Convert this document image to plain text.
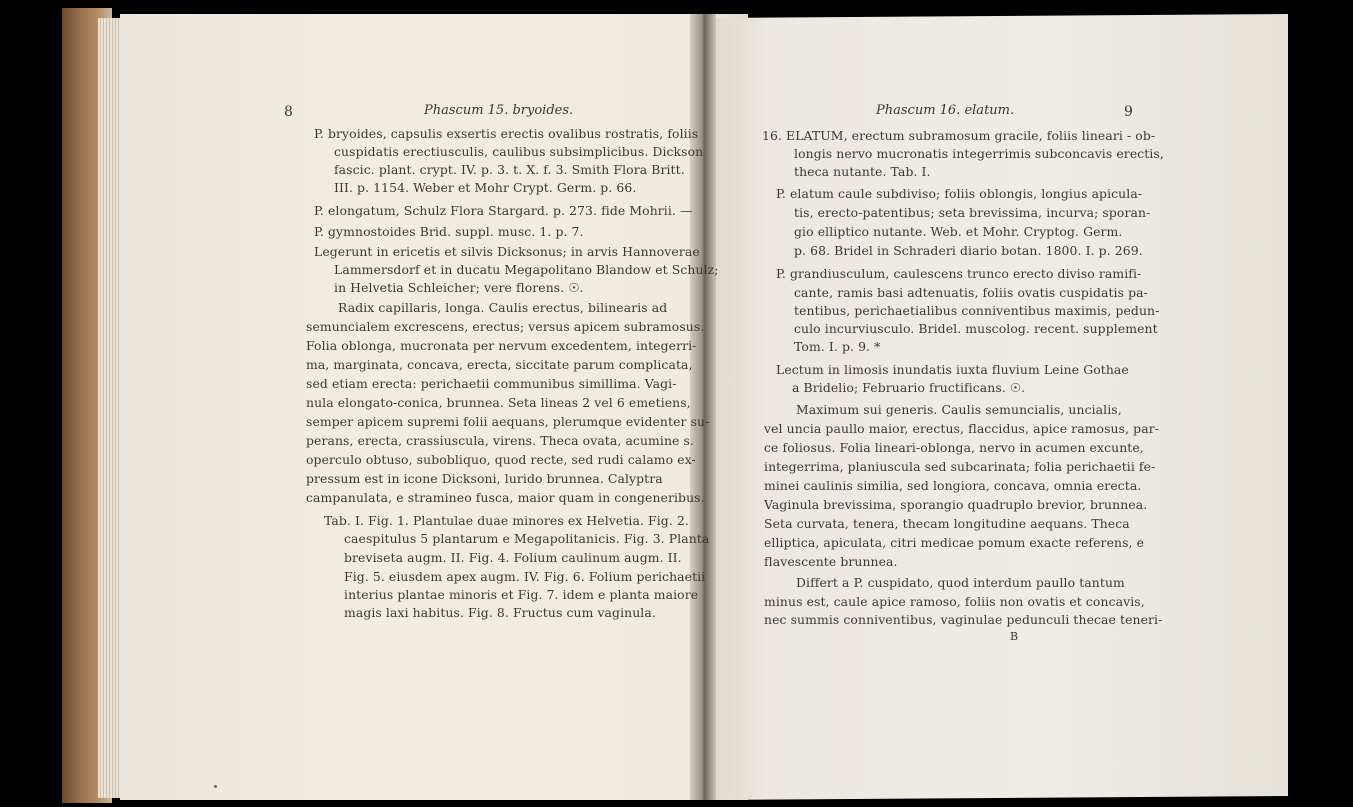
8	Phascum 15. bryoides.
P. bryoides, capsulis exsertis erectis ovalibus rostratis, foliis
cuspidatis erectiusculis, caulibus subsimplicibus. Dickson
fascic. plant. crypt. IV. p. 3. t. X. f. 3. Smith Flora Britt.
III. p. 1154. Weber et Mohr Crypt. Germ. p. 66.
P. elongatum, Schulz Flora Stargard. p. 273. fide Mohrii. —
P. gymnostoides Brid. suppl. musc. 1. p. 7.
Legerunt in ericetis et silvis Dicksonus; in arvis Hannoverae
Lammersdorf et in ducatu Megapolitano Blandow et Schulz;
in Helvetia Schleicher; vere florens. ☉.
Radix capillaris, longa. Caulis erectus, bilinearis ad
semuncialem excrescens, erectus; versus apicem subramosus.
Folia oblonga, mucronata per nervum excedentem, integerri-
ma, marginata, concava, erecta, siccitate parum complicata,
sed etiam erecta: perichaetii communibus simillima. Vagi-
nula elongato-conica, brunnea. Seta lineas 2 vel 6 emetiens,
semper apicem supremi folii aequans, plerumque evidenter su-
perans, erecta, crassiuscula, virens. Theca ovata, acumine s.
operculo obtuso, subobliquo, quod recte, sed rudi calamo ex-
pressum est in icone Dicksoni, lurido brunnea. Calyptra
campanulata, e stramineo fusca, maior quam in congeneribus.
Tab. I. Fig. 1. Plantulae duae minores ex Helvetia. Fig. 2.
caespitulus 5 plantarum e Megapolitanicis. Fig. 3. Planta
breviseta augm. II. Fig. 4. Folium caulinum augm. II.
Fig. 5. eiusdem apex augm. IV. Fig. 6. Folium perichaetii
interius plantae minoris et Fig. 7. idem e planta maiore
magis laxi habitus. Fig. 8. Fructus cum vaginula.
Phascum 16. elatum.	9
16. ELATUM, erectum subramosum gracile, foliis lineari - ob-
longis nervo mucronatis integerrimis subconcavis erectis,
theca nutante. Tab. I.
P. elatum caule subdiviso; foliis oblongis, longius apicula-
tis, erecto-patentibus; seta brevissima, incurva; sporan-
gio elliptico nutante. Web. et Mohr. Cryptog. Germ.
p. 68. Bridel in Schraderi diario botan. 1800. I. p. 269.
P. grandiusculum, caulescens trunco erecto diviso ramifi-
cante, ramis basi adtenuatis, foliis ovatis cuspidatis pa-
tentibus, perichaetialibus conniventibus maximis, pedun-
culo incurviusculo. Bridel. muscolog. recent. supplement
Tom. I. p. 9. *
Lectum in limosis inundatis iuxta fluvium Leine Gothae
a Bridelio; Februario fructificans. ☉.
Maximum sui generis. Caulis semuncialis, uncialis,
vel uncia paullo maior, erectus, flaccidus, apice ramosus, par-
ce foliosus. Folia lineari-oblonga, nervo in acumen excunte,
integerrima, planiuscula sed subcarinata; folia perichaetii fe-
minei caulinis similia, sed longiora, concava, omnia erecta.
Vaginula brevissima, sporangio quadruplo brevior, brunnea.
Seta curvata, tenera, thecam longitudine aequans. Theca
elliptica, apiculata, citri medicae pomum exacte referens, e
flavescente brunnea.
Differt a P. cuspidato, quod interdum paullo tantum
minus est, caule apice ramoso, foliis non ovatis et concavis,
nec summis conniventibus, vaginulae pedunculi thecae teneri-
B
